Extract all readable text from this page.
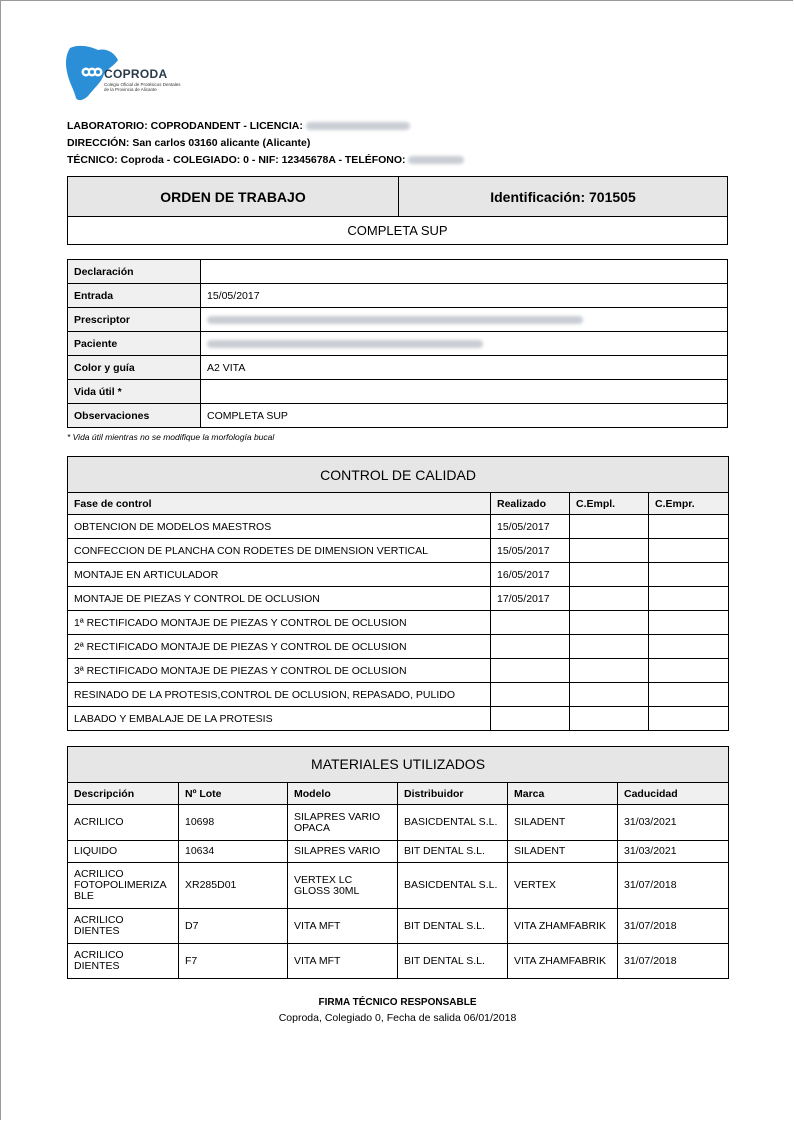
COPRODA
Colegio Oficial de Protésicos Dentales de la Provincia de Alicante
LABORATORIO: COPRODANDENT - LICENCIA:
DIRECCIÓN: San carlos 03160 alicante (Alicante)
TÉCNICO: Coproda - COLEGIADO: 0 - NIF: 12345678A - TELÉFONO:
ORDEN DE TRABAJO	Identificación: 701505
COMPLETA SUP
Declaración	
Entrada	15/05/2017
Prescriptor	
Paciente	
Color y guía	A2 VITA
Vida útil *	
Observaciones	COMPLETA SUP
* Vida útil mientras no se modifique la morfología bucal
CONTROL DE CALIDAD			
Fase de control	Realizado	C.Empl.	C.Empr.
OBTENCION DE MODELOS MAESTROS	15/05/2017		
CONFECCION DE PLANCHA CON RODETES DE DIMENSION VERTICAL	15/05/2017		
MONTAJE EN ARTICULADOR	16/05/2017		
MONTAJE DE PIEZAS Y CONTROL DE OCLUSION	17/05/2017		
1ª RECTIFICADO MONTAJE DE PIEZAS Y CONTROL DE OCLUSION			
2ª RECTIFICADO MONTAJE DE PIEZAS Y CONTROL DE OCLUSION			
3ª RECTIFICADO MONTAJE DE PIEZAS Y CONTROL DE OCLUSION			
RESINADO DE LA PROTESIS,CONTROL DE OCLUSION, REPASADO, PULIDO			
LABADO Y EMBALAJE DE LA PROTESIS			
MATERIALES UTILIZADOS					
Descripción	Nº Lote	Modelo	Distribuidor	Marca	Caducidad
ACRILICO	10698	SILAPRES VARIO
OPACA	BASICDENTAL S.L.	SILADENT	31/03/2021
LIQUIDO	10634	SILAPRES VARIO	BIT DENTAL S.L.	SILADENT	31/03/2021
ACRILICO
FOTOPOLIMERIZA
BLE	XR285D01	VERTEX LC
GLOSS 30ML	BASICDENTAL S.L.	VERTEX	31/07/2018
ACRILICO
DIENTES	D7	VITA MFT	BIT DENTAL S.L.	VITA ZHAMFABRIK	31/07/2018
ACRILICO
DIENTES	F7	VITA MFT	BIT DENTAL S.L.	VITA ZHAMFABRIK	31/07/2018
FIRMA TÉCNICO RESPONSABLE
Coproda, Colegiado 0, Fecha de salida 06/01/2018
